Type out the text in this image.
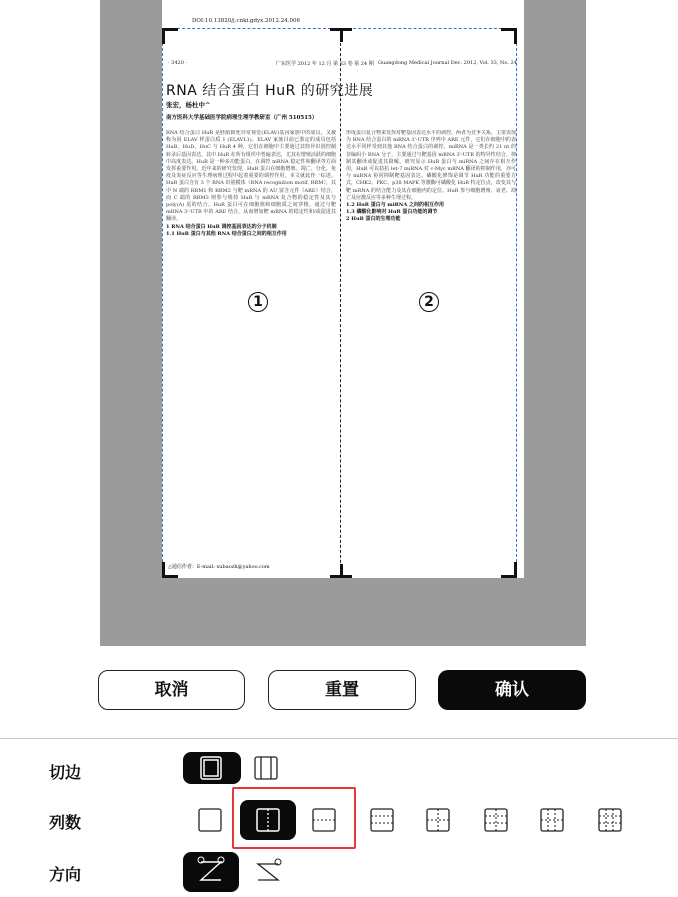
DOI:10.13820/j.cnki.gdyx.2012.24.006
· 3420 ·	广东医学 2012 年 12 月 第 33 卷 第 24 期 Guangdong Medical Journal Dec. 2012, Vol. 33, No. 24
RNA 结合蛋白 HuR 的研究进展
张宏，杨杜中^
南方医科大学基础医学院病理生理学教研室（广州 510515）
RNA 结合蛋白 HuR 是胚胎致死异常视觉(ELAV)基因家族中的成员，又被称为因 ELAV 样蛋白质 1 (ELAVL1)。ELAV 家族目前已鉴定的成员包括 HuB、HuD、HuC 与 HuR 4 种，它们在细胞中主要通过其特异识别控制转录后基因表达，其中 HuR 在所有组织中普遍表达，尤其在增殖活跃的细胞中高度表达。HuR 是一种多功能蛋白，在调控 mRNA 稳定性和翻译等方面发挥重要作用。近年来的研究发现，HuR 蛋白在细胞增殖、凋亡、分化、免疫及炎症反应等生理病理过程中起着重要的调控作用，本文就此作一综述。HuR 蛋白含有 3 个 RNA 识别模体（RNA recognition motif, RRM），其中 N 端的 RRM1 和 RRM2 与靶 mRNA 的 AU 富含元件（ARE）结合，而 C 端的 RRM3 则参与维持 HuR 与 mRNA 复合物的稳定性及其与 poly(A) 尾的结合。HuR 蛋白可在细胞核和细胞质之间穿梭，通过与靶 mRNA 3'-UTR 中的 ARE 结合，从而增加靶 mRNA 的稳定性和/或促进其翻译。
1 RNA 结合蛋白 HuR 调控基因表达的分子机制
1.1 HuR 蛋白与其他 RNA 结合蛋白之间的相互作用
形成蛋白复合物来发挥对靶基因表达水平的调控。两者为竞争关系，主要表现为 RNA 结合蛋白的 mRNA 3'-UTR 序列中 ARE 元件，它们在细胞中的表达水平同样受到其他 RNA 结合蛋白的调控。miRNA 是一类长约 21 nt 的非编码小 RNA 分子，主要通过与靶基因 mRNA 3'-UTR 的特异性结合，抑制其翻译或促进其降解。研究显示 HuR 蛋白与 miRNA 之间存在相互作用，HuR 可以拮抗 let-7 miRNA 对 c-Myc mRNA 翻译的抑制作用，亦可与 miRNA 协同抑制靶基因表达。磷酸化修饰是调节 HuR 功能的重要方式，CHK2、PKC、p38 MAPK 等激酶可磷酸化 HuR 特定位点，改变其与靶 mRNA 的结合能力及其在细胞内的定位。HuR 参与细胞增殖、衰老、凋亡及应激反应等多种生理过程。
1.2 HuR 蛋白与 miRNA 之间的相互作用
1.3 磷酸化影响对 HuR 蛋白功能的调节
2 HuR 蛋白的生理功能
△通信作者：E-mail: xubaozh@yahoo.com
1	2
取消	重置	确认
切边
列数
方向
